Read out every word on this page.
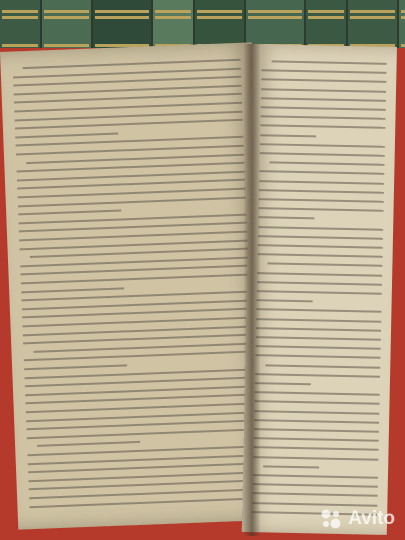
Avito
